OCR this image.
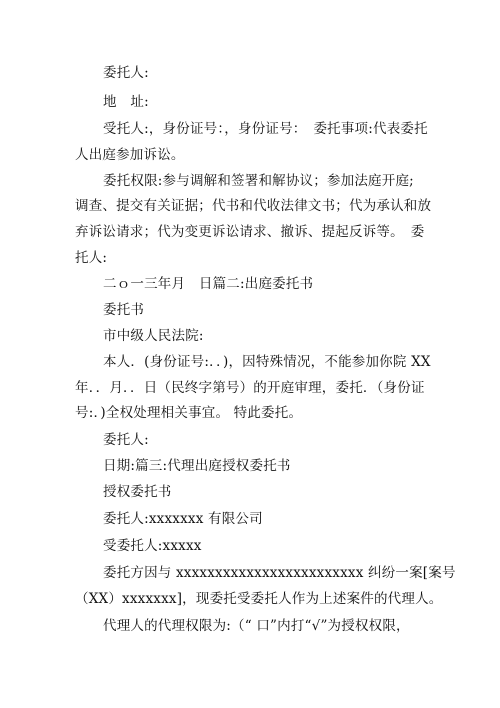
委托人:
地　址:
受托人:，身份证号：，身份证号：　委托事项:代表委托
人出庭参加诉讼。
委托权限:参与调解和签署和解协议；参加法庭开庭;
调查、提交有关证据；代书和代收法律文书；代为承认和放
弃诉讼请求；代为变更诉讼请求、撤诉、提起反诉等。　委
托人:
二ｏ一三年月　日篇二:出庭委托书
委托书
市中级人民法院:
本人．(身份证号:．．)，因特殊情况，不能参加你院 XX
年．．月．．日（民终字第号）的开庭审理，委托．（身份证
号:．)全权处理相关事宜。 特此委托。
委托人:
日期:篇三:代理出庭授权委托书
授权委托书
委托人:xxxxxxx 有限公司
受委托人:xxxxx
委托方因与 xxxxxxxxxxxxxxxxxxxxxxxx 纠纷一案[案号
（XX）xxxxxxx]，现委托受委托人作为上述案件的代理人。
代理人的代理权限为:（“ 口”内打“√”为授权权限，
